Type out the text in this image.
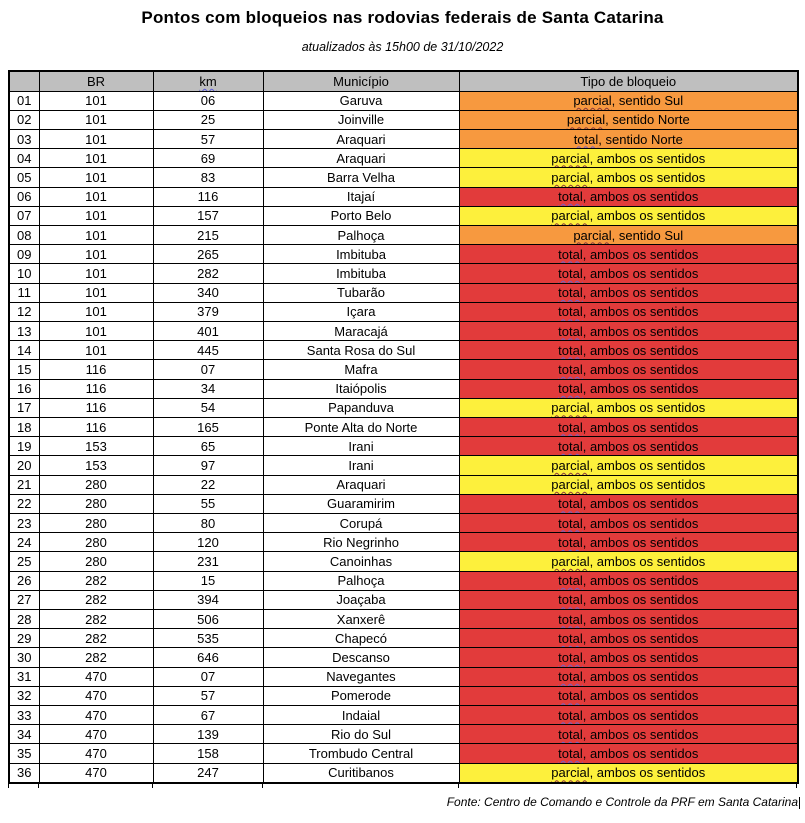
Pontos com bloqueios nas rodovias federais de Santa Catarina
atualizados às 15h00 de 31/10/2022
	BR	km	Município	Tipo de bloqueio
01	101	06	Garuva	parcial, sentido Sul
02	101	25	Joinville	parcial, sentido Norte
03	101	57	Araquari	total, sentido Norte
04	101	69	Araquari	parcial, ambos os sentidos
05	101	83	Barra Velha	parcial, ambos os sentidos
06	101	116	Itajaí	total, ambos os sentidos
07	101	157	Porto Belo	parcial, ambos os sentidos
08	101	215	Palhoça	parcial, sentido Sul
09	101	265	Imbituba	total, ambos os sentidos
10	101	282	Imbituba	total, ambos os sentidos
11	101	340	Tubarão	total, ambos os sentidos
12	101	379	Içara	total, ambos os sentidos
13	101	401	Maracajá	total, ambos os sentidos
14	101	445	Santa Rosa do Sul	total, ambos os sentidos
15	116	07	Mafra	total, ambos os sentidos
16	116	34	Itaiópolis	total, ambos os sentidos
17	116	54	Papanduva	parcial, ambos os sentidos
18	116	165	Ponte Alta do Norte	total, ambos os sentidos
19	153	65	Irani	total, ambos os sentidos
20	153	97	Irani	parcial, ambos os sentidos
21	280	22	Araquari	parcial, ambos os sentidos
22	280	55	Guaramirim	total, ambos os sentidos
23	280	80	Corupá	total, ambos os sentidos
24	280	120	Rio Negrinho	total, ambos os sentidos
25	280	231	Canoinhas	parcial, ambos os sentidos
26	282	15	Palhoça	total, ambos os sentidos
27	282	394	Joaçaba	total, ambos os sentidos
28	282	506	Xanxerê	total, ambos os sentidos
29	282	535	Chapecó	total, ambos os sentidos
30	282	646	Descanso	total, ambos os sentidos
31	470	07	Navegantes	total, ambos os sentidos
32	470	57	Pomerode	total, ambos os sentidos
33	470	67	Indaial	total, ambos os sentidos
34	470	139	Rio do Sul	total, ambos os sentidos
35	470	158	Trombudo Central	total, ambos os sentidos
36	470	247	Curitibanos	parcial, ambos os sentidos
Fonte: Centro de Comando e Controle da PRF em Santa Catarina
